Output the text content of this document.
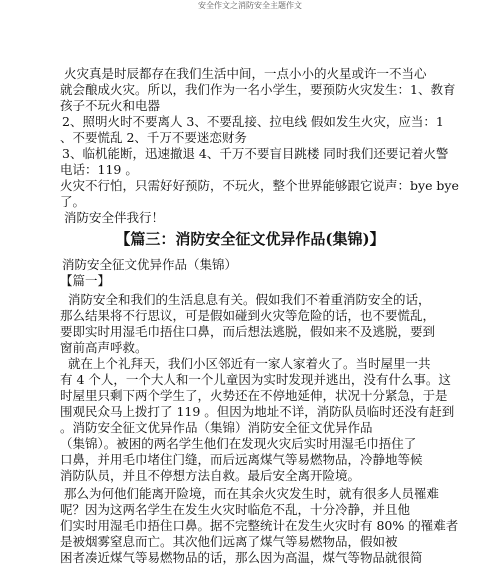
安全作文之消防安全主题作文
火灾真是时辰都存在我们生活中间，一点小小的火星或许一不当心
就会酿成火灾。所以，我们作为一名小学生，要预防火灾发生：1、教育
孩子不玩火和电器
2、照明火时不要离人 3、不要乱接、拉电线 假如发生火灾，应当：1
、不要慌乱 2、千万不要迷恋财务
3、临机能断，迅速撤退 4、千万不要盲目跳楼 同时我们还要记着火警
电话：119 。
火灾不行怕，只需好好预防，不玩火，整个世界能够跟它说声：bye bye
了。
消防安全伴我行！
【篇三：消防安全征文优异作品(集锦)】
消防安全征文优异作品（集锦）
【篇一】
消防安全和我们的生活息息有关。假如我们不着重消防安全的话，
那么结果将不行思议，可是假如碰到火灾等危险的话，也不要慌乱，
要即实时用湿毛巾捂住口鼻，而后想法逃脱，假如来不及逃脱，要到
窗前高声呼救。
就在上个礼拜天，我们小区邻近有一家人家着火了。当时屋里一共
有 4 个人，一个大人和一个儿童因为实时发现并逃出，没有什么事。这
时屋里只剩下两个学生了，火势还在不停地延伸，状况十分紧急，于是
围观民众马上拨打了 119 。但因为地址不详，消防队员临时还没有赶到
。消防安全征文优异作品（集锦）消防安全征文优异作品
（集锦）。被困的两名学生他们在发现火灾后实时用湿毛巾捂住了
口鼻，并用毛巾堵住门缝，而后远离煤气等易燃物品，冷静地等候
消防队员，并且不停想方法自救。最后安全离开险境。
那么为何他们能离开险境，而在其余火灾发生时，就有很多人员罹难
呢？因为这两名学生在发生火灾时临危不乱，十分冷静，并且他
们实时用湿毛巾捂住口鼻。据不完整统计在发生火灾时有 80% 的罹难者
是被烟雾窒息而亡。其次他们远离了煤气等易燃物品，假如被
困者凑近煤气等易燃物品的话，那么因为高温，煤气等物品就很简
